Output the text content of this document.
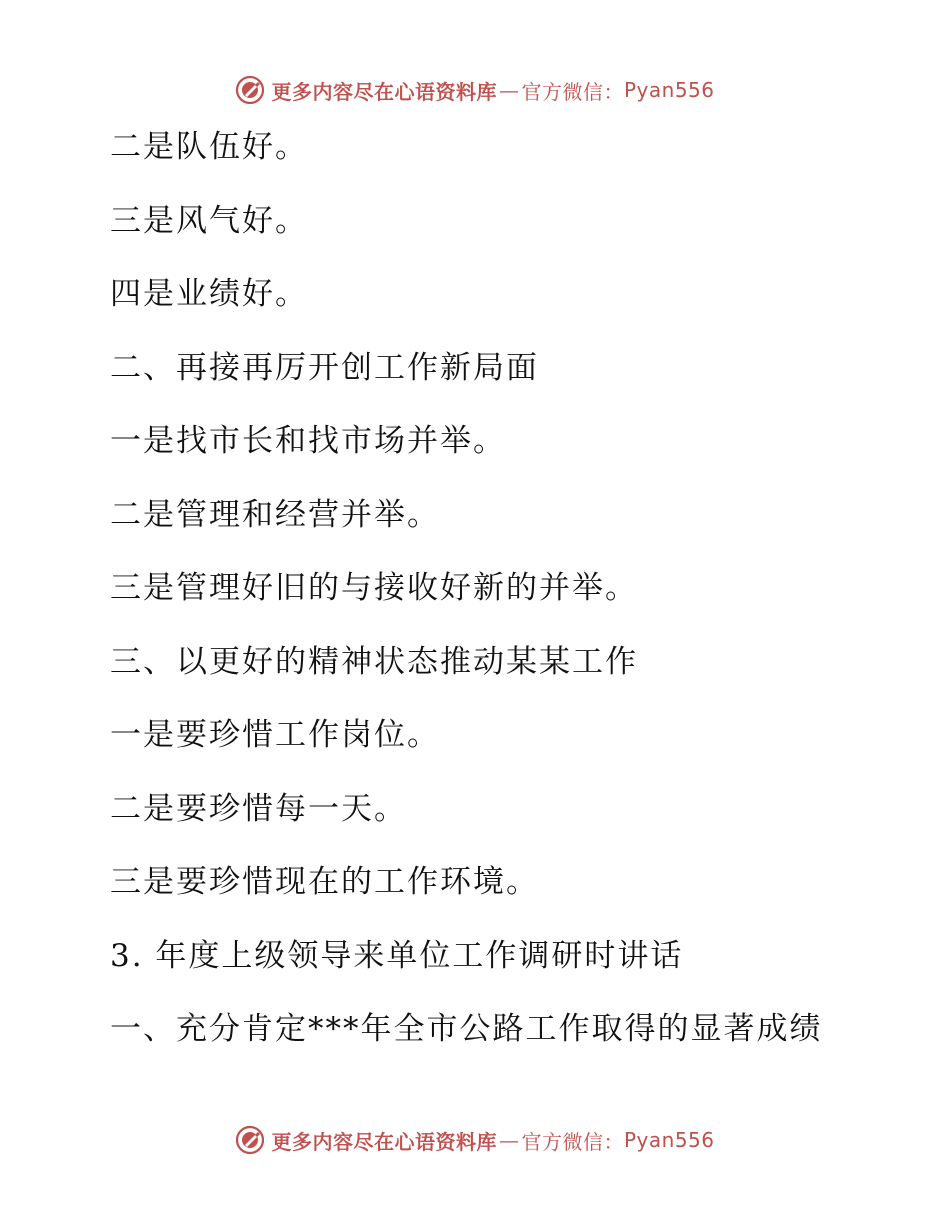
更多内容尽在心语资料库 — 官方微信： Pyan556
二是队伍好。
三是风气好。
四是业绩好。
二、再接再厉开创工作新局面
一是找市长和找市场并举。
二是管理和经营并举。
三是管理好旧的与接收好新的并举。
三、以更好的精神状态推动某某工作
一是要珍惜工作岗位。
二是要珍惜每一天。
三是要珍惜现在的工作环境。
3. 年度上级领导来单位工作调研时讲话
一、充分肯定***年全市公路工作取得的显著成绩
更多内容尽在心语资料库 — 官方微信： Pyan556
